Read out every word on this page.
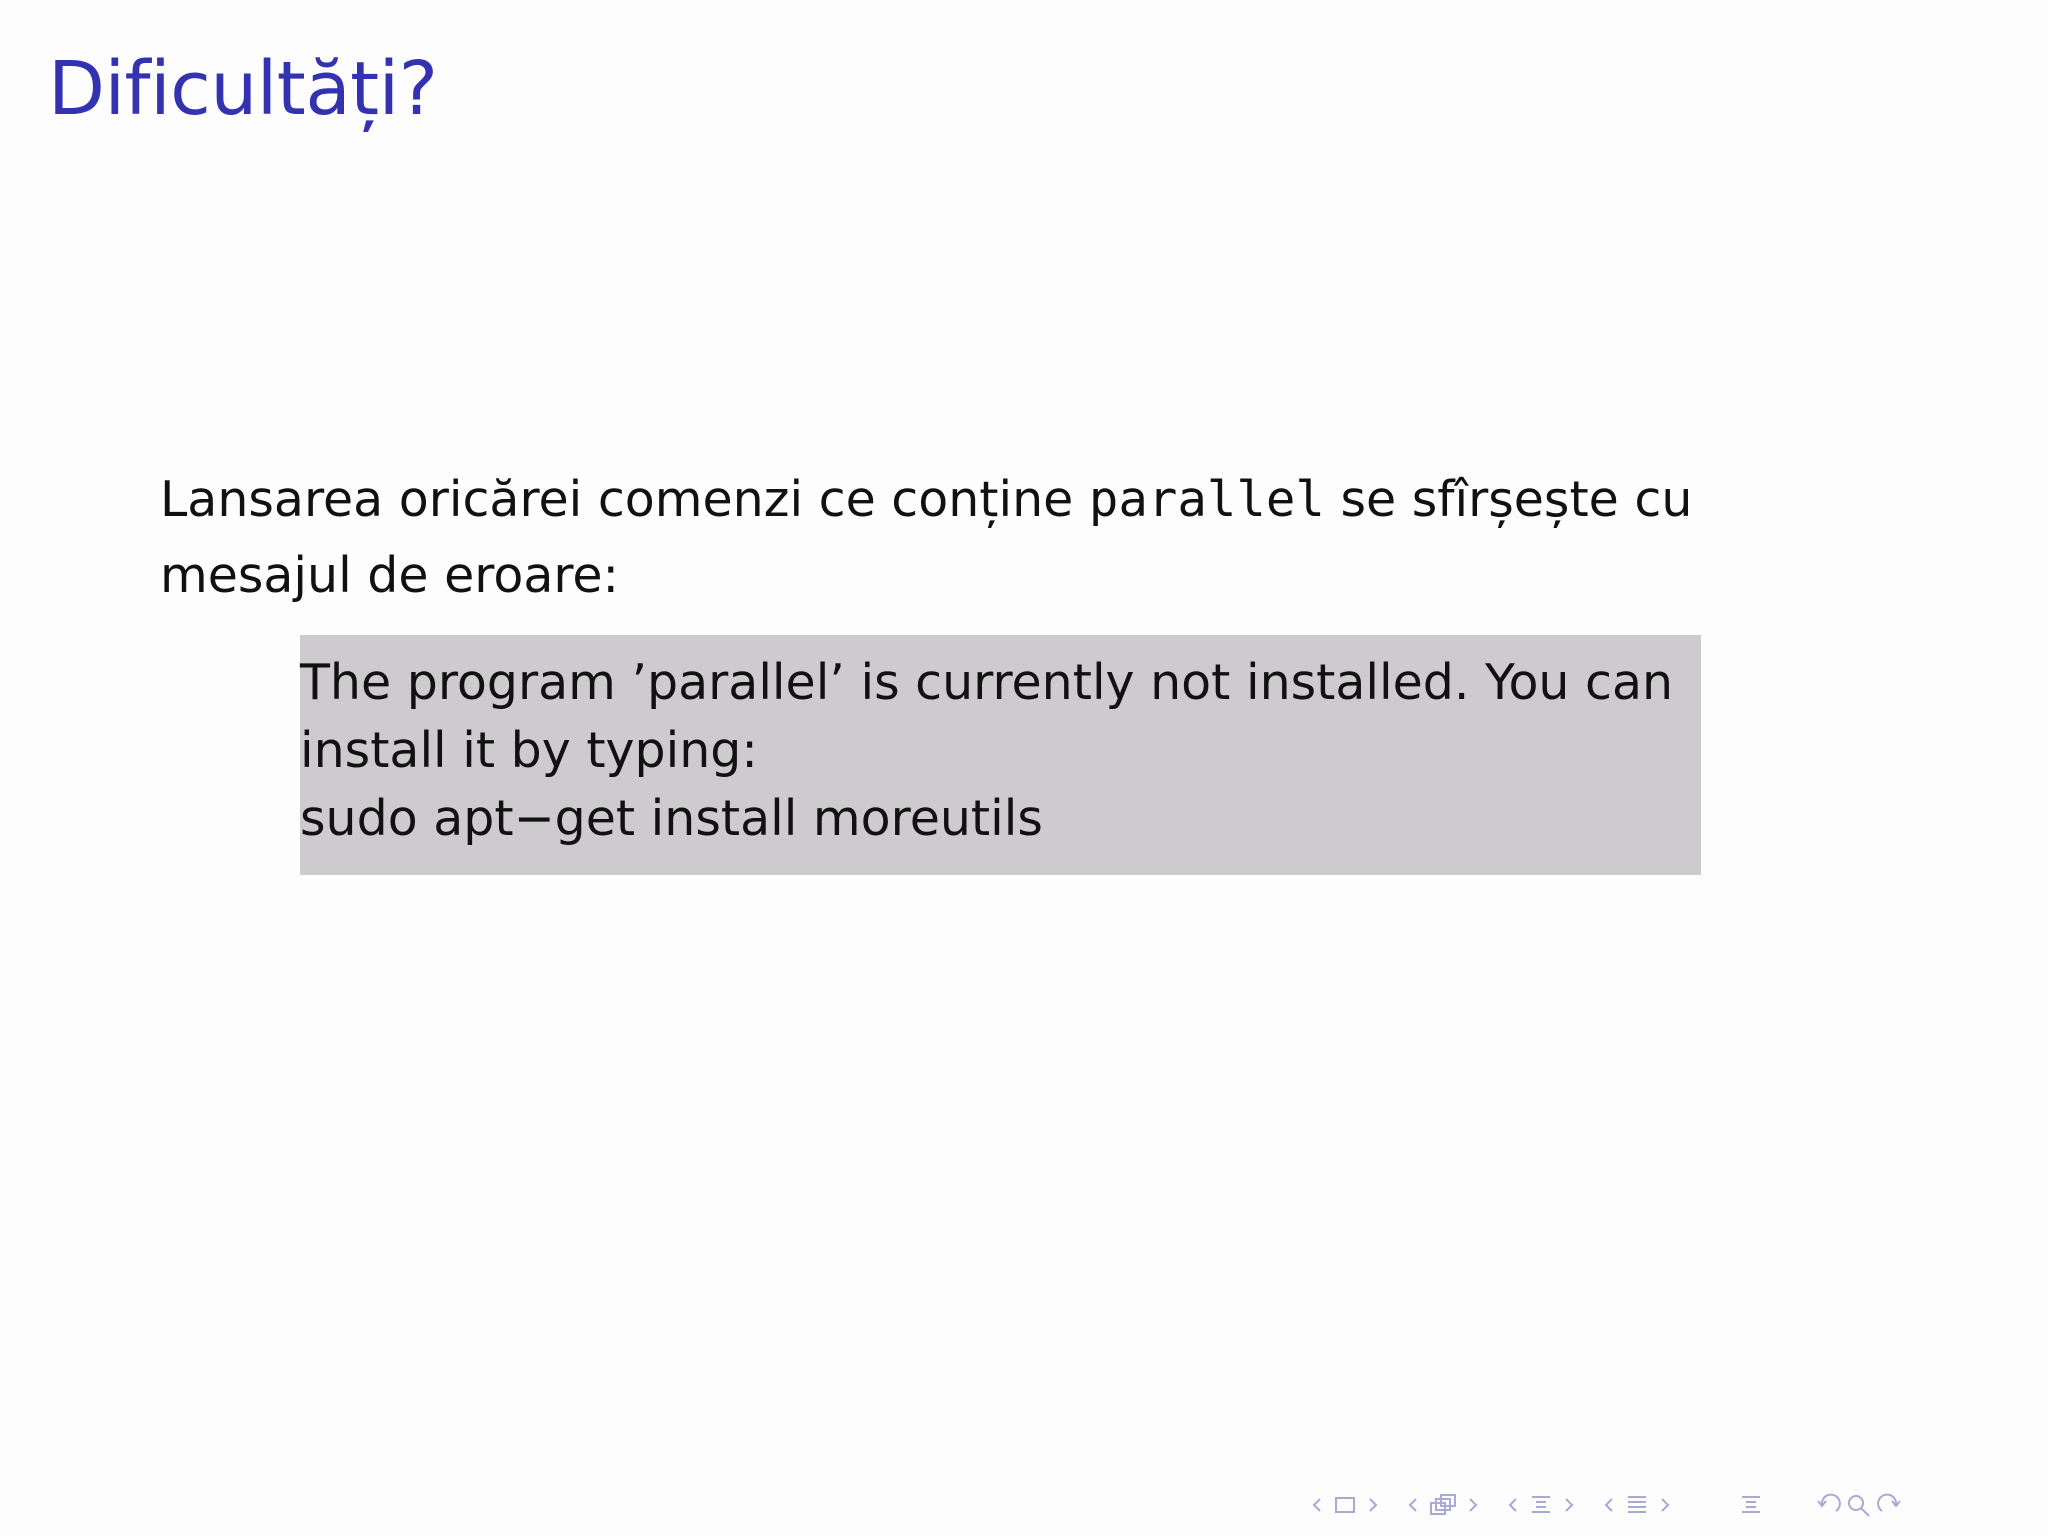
Dificultăți?
Lansarea oricărei comenzi ce conține parallel se sfîrșește cu
mesajul de eroare:
The program ’parallel’ is currently not installed. You can
install it by typing:
sudo apt−get install moreutils
